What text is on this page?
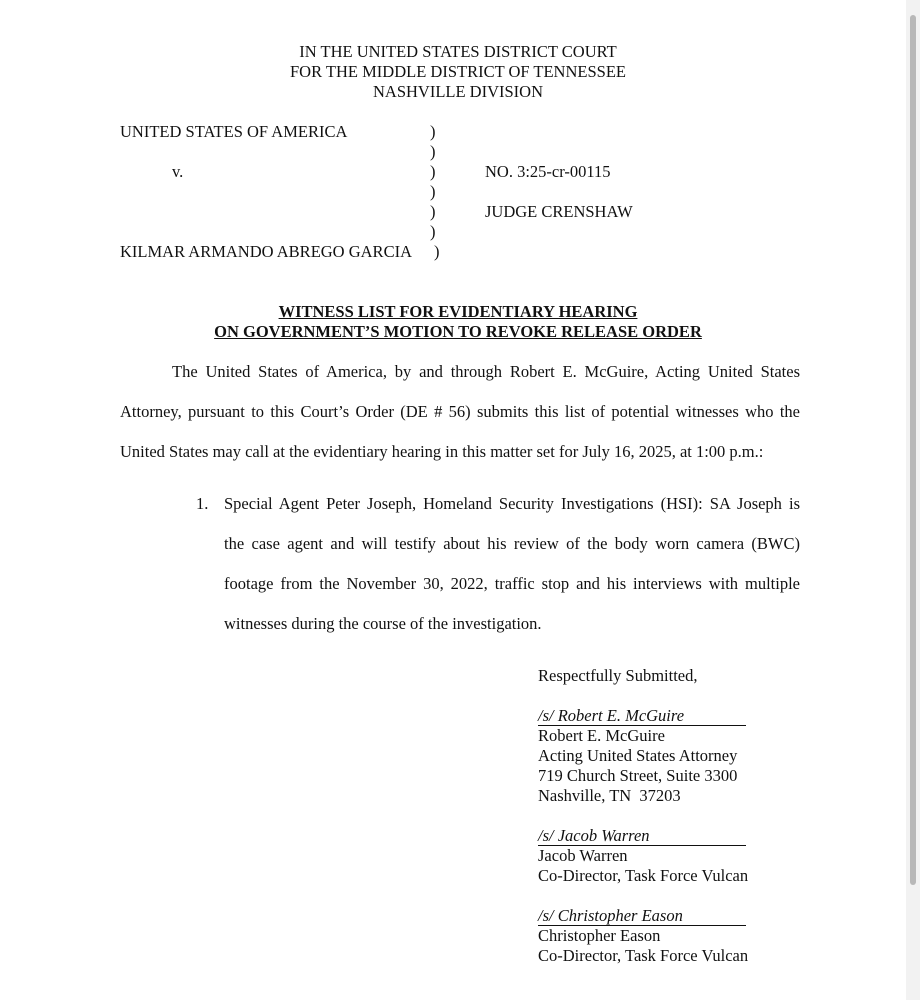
IN THE UNITED STATES DISTRICT COURT
FOR THE MIDDLE DISTRICT OF TENNESSEE
NASHVILLE DIVISION
UNITED STATES OF AMERICA
v.
KILMAR ARMANDO ABREGO GARCIA
)
)
)
)
)
)
)
NO. 3:25-cr-00115
JUDGE CRENSHAW
WITNESS LIST FOR EVIDENTIARY HEARING
ON GOVERNMENT’S MOTION TO REVOKE RELEASE ORDER
The United States of America, by and through Robert E. McGuire, Acting United States
Attorney, pursuant to this Court’s Order (DE # 56) submits this list of potential witnesses who the
United States may call at the evidentiary hearing in this matter set for July 16, 2025, at 1:00 p.m.:
1. Special Agent Peter Joseph, Homeland Security Investigations (HSI): SA Joseph is
the case agent and will testify about his review of the body worn camera (BWC)
footage from the November 30, 2022, traffic stop and his interviews with multiple
witnesses during the course of the investigation.
Respectfully Submitted,
/s/ Robert E. McGuire
Robert E. McGuire
Acting United States Attorney
719 Church Street, Suite 3300
Nashville, TN  37203
/s/ Jacob Warren
Jacob Warren
Co-Director, Task Force Vulcan
/s/ Christopher Eason
Christopher Eason
Co-Director, Task Force Vulcan
